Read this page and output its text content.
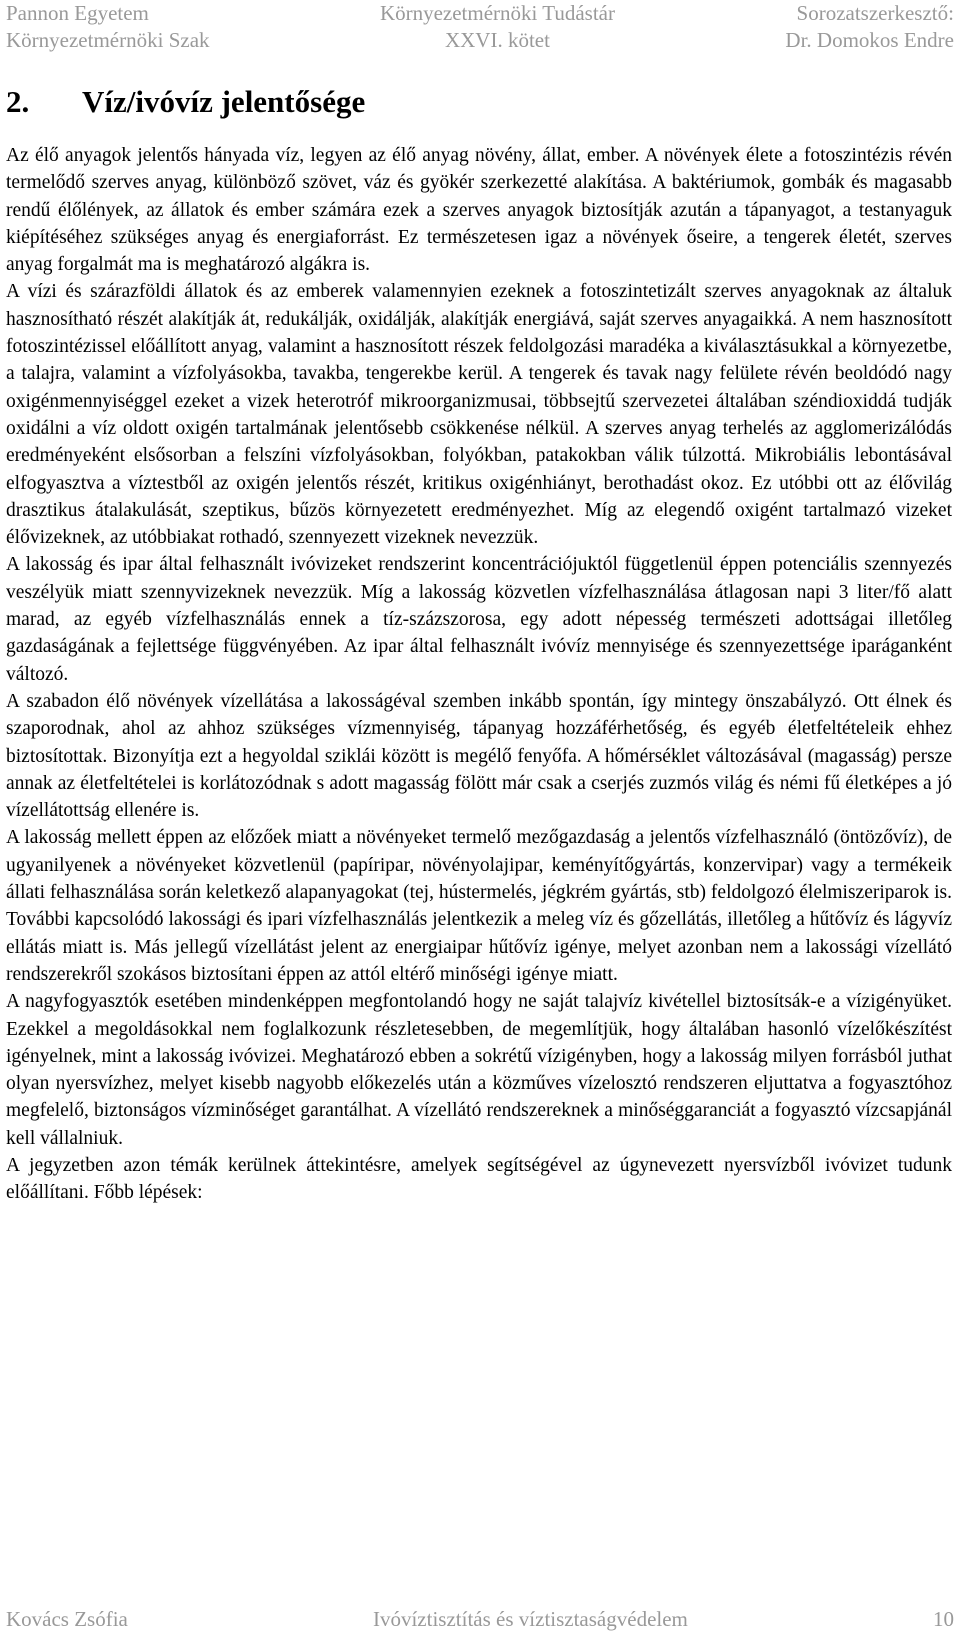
Pannon Egyetem
Környezetmérnöki Szak
Környezetmérnöki Tudástár
XXVI. kötet
Sorozatszerkesztő:
Dr. Domokos Endre
2.	Víz/ivóvíz jelentősége

Az élő anyagok jelentős hányada víz, legyen az élő anyag növény, állat, ember. A növények élete a fotoszintézis révén termelődő szerves anyag, különböző szövet, váz és gyökér szerkezetté alakítása. A baktériumok, gombák és magasabb rendű élőlények, az állatok és ember számára ezek a szerves anyagok biztosítják azután a tápanyagot, a testanyaguk kiépítéséhez szükséges anyag és energiaforrást. Ez természetesen igaz a növények őseire, a tengerek életét, szerves anyag forgalmát ma is meghatározó algákra is.

A vízi és szárazföldi állatok és az emberek valamennyien ezeknek a fotoszintetizált szerves anyagoknak az általuk hasznosítható részét alakítják át, redukálják, oxidálják, alakítják energiává, saját szerves anyagaikká. A nem hasznosított fotoszintézissel előállított anyag, valamint a hasznosított részek feldolgozási maradéka a kiválasztásukkal a környezetbe, a talajra, valamint a vízfolyásokba, tavakba, tengerekbe kerül. A tengerek és tavak nagy felülete révén beoldódó nagy oxigénmennyiséggel ezeket a vizek heterotróf mikroorganizmusai, többsejtű szervezetei általában széndioxiddá tudják oxidálni a víz oldott oxigén tartalmának jelentősebb csökkenése nélkül. A szerves anyag terhelés az agglomerizálódás eredményeként elsősorban a felszíni vízfolyásokban, folyókban, patakokban válik túlzottá. Mikrobiális lebontásával elfogyasztva a víztestből az oxigén jelentős részét, kritikus oxigénhiányt, berothadást okoz. Ez utóbbi ott az élővilág drasztikus átalakulását, szeptikus, bűzös környezetett eredményezhet. Míg az elegendő oxigént tartalmazó vizeket élővizeknek, az utóbbiakat rothadó, szennyezett vizeknek nevezzük.

A lakosság és ipar által felhasznált ivóvizeket rendszerint koncentrációjuktól függetlenül éppen potenciális szennyezés veszélyük miatt szennyvizeknek nevezzük. Míg a lakosság közvetlen vízfelhasználása átlagosan napi 3 liter/fő alatt marad, az egyéb vízfelhasználás ennek a tíz-százszorosa, egy adott népesség természeti adottságai illetőleg gazdaságának a fejlettsége függvényében. Az ipar által felhasznált ivóvíz mennyisége és szennyezettsége iparáganként változó.

A szabadon élő növények vízellátása a lakosságéval szemben inkább spontán, így mintegy önszabályzó. Ott élnek és szaporodnak, ahol az ahhoz szükséges vízmennyiség, tápanyag hozzáférhetőség, és egyéb életfeltételeik ehhez biztosítottak. Bizonyítja ezt a hegyoldal sziklái között is megélő fenyőfa. A hőmérséklet változásával (magasság) persze annak az életfeltételei is korlátozódnak s adott magasság fölött már csak a cserjés zuzmós világ és némi fű életképes a jó vízellátottság ellenére is.

A lakosság mellett éppen az előzőek miatt a növényeket termelő mezőgazdaság a jelentős vízfelhasználó (öntözővíz), de ugyanilyenek a növényeket közvetlenül (papíripar, növényolajipar, keményítőgyártás, konzervipar) vagy a termékeik állati felhasználása során keletkező alapanyagokat (tej, hústermelés, jégkrém gyártás, stb) feldolgozó élelmiszeriparok is. További kapcsolódó lakossági és ipari vízfelhasználás jelentkezik a meleg víz és gőzellátás, illetőleg a hűtővíz és lágyvíz ellátás miatt is. Más jellegű vízellátást jelent az energiaipar hűtővíz igénye, melyet azonban nem a lakossági vízellátó rendszerekről szokásos biztosítani éppen az attól eltérő minőségi igénye miatt.

A nagyfogyasztók esetében mindenképpen megfontolandó hogy ne saját talajvíz kivétellel biztosítsák-e a vízigényüket. Ezekkel a megoldásokkal nem foglalkozunk részletesebben, de megemlítjük, hogy általában hasonló vízelőkészítést igényelnek, mint a lakosság ivóvizei. Meghatározó ebben a sokrétű vízigényben, hogy a lakosság milyen forrásból juthat olyan nyersvízhez, melyet kisebb nagyobb előkezelés után a közműves vízelosztó rendszeren eljuttatva a fogyasztóhoz megfelelő, biztonságos vízminőséget garantálhat. A vízellátó rendszereknek a minőséggaranciát a fogyasztó vízcsapjánál kell vállalniuk.

A jegyzetben azon témák kerülnek áttekintésre, amelyek segítségével az úgynevezett nyersvízből ivóvizet tudunk előállítani. Főbb lépések:

Kovács Zsófia	Ivóvíztisztítás és víztisztaságvédelem	10
